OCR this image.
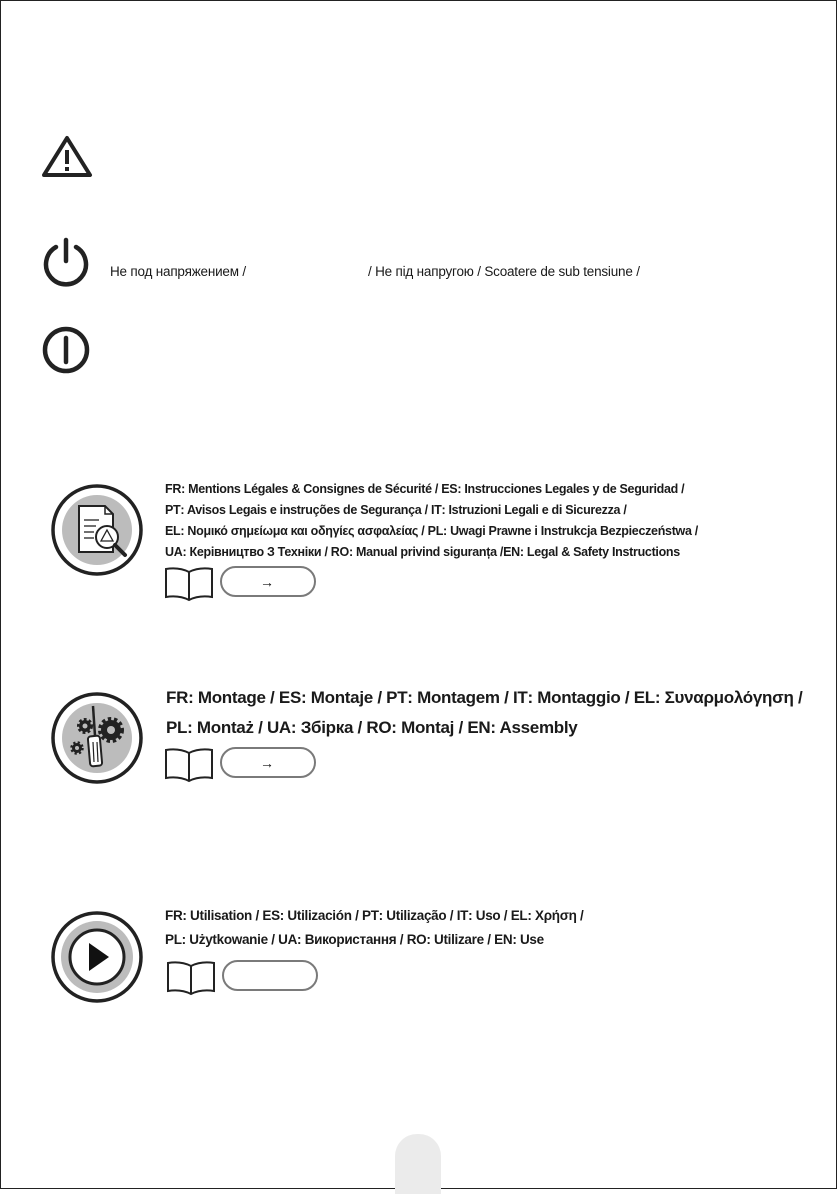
Не под напряжением /	/ Не під напругою / Scoatere de sub tensiune /
FR: Mentions Légales & Consignes de Sécurité / ES: Instrucciones Legales y de Seguridad /
PT: Avisos Legais e instruções de Segurança / IT: Istruzioni Legali e di Sicurezza /
EL: Νομικό σημείωμα και οδηγίες ασφαλείας / PL: Uwagi Prawne i Instrukcja Bezpieczeństwa /
UA: Керівництво З Техніки / RO: Manual privind siguranța /EN: Legal & Safety Instructions
→
FR: Montage / ES: Montaje / PT: Montagem / IT: Montaggio / EL: Συναρμολόγηση /
PL: Montaż / UA: Збірка / RO: Montaj / EN: Assembly
→
FR: Utilisation / ES: Utilización / PT: Utilização / IT: Uso / EL: Χρήση /
PL: Użytkowanie / UA: Використання / RO: Utilizare / EN: Use
